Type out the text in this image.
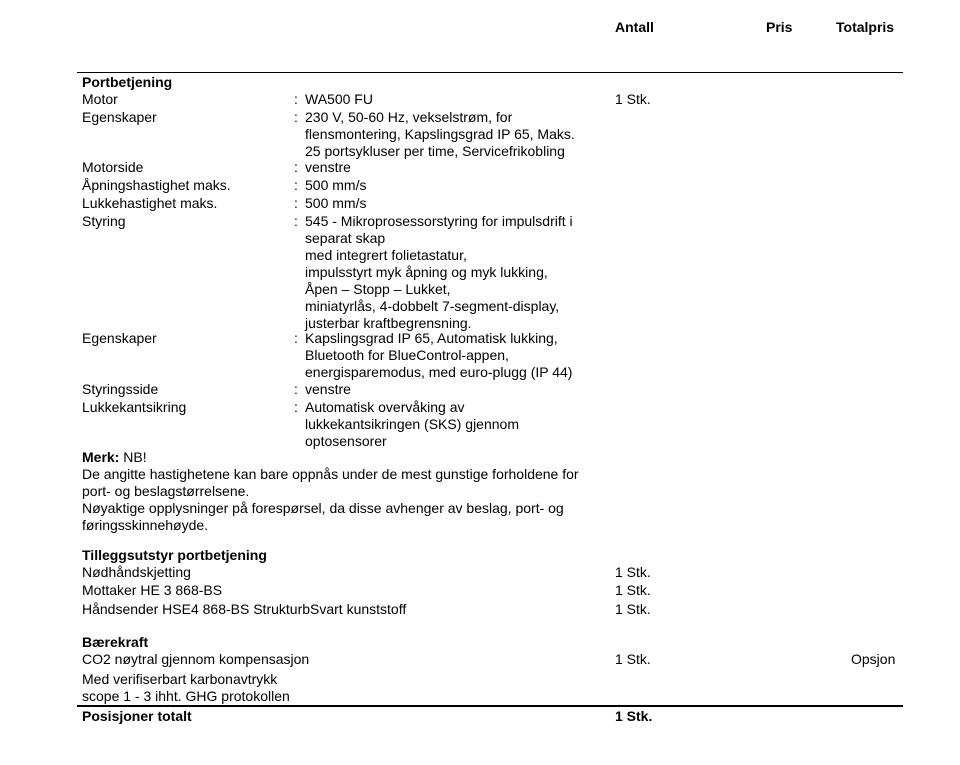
Antall	Pris	Totalpris
Portbetjening
Motor	: WA500 FU	1 Stk.
Egenskaper	: 230 V, 50-60 Hz, vekselstrøm, for
flensmontering, Kapslingsgrad IP 65, Maks.
25 portsykluser per time, Servicefrikobling
Motorside	: venstre
Åpningshastighet maks.	: 500 mm/s
Lukkehastighet maks.	: 500 mm/s
Styring	: 545 - Mikroprosessorstyring for impulsdrift i
separat skap
med integrert folietastatur,
impulsstyrt myk åpning og myk lukking,
Åpen – Stopp – Lukket,
miniatyrlås, 4-dobbelt 7-segment-display,
justerbar kraftbegrensning.
Egenskaper	: Kapslingsgrad IP 65, Automatisk lukking,
Bluetooth for BlueControl-appen,
energisparemodus, med euro-plugg (IP 44)
Styringsside	: venstre
Lukkekantsikring	: Automatisk overvåking av
lukkekantsikringen (SKS) gjennom
optosensorer
Merk: NB!
De angitte hastighetene kan bare oppnås under de mest gunstige forholdene for
port- og beslagstørrelsene.
Nøyaktige opplysninger på forespørsel, da disse avhenger av beslag, port- og
føringsskinnehøyde.
Tilleggsutstyr portbetjening
Nødhåndskjetting	1 Stk.
Mottaker HE 3 868-BS	1 Stk.
Håndsender HSE4 868-BS StrukturbSvart kunststoff	1 Stk.
Bærekraft
CO2 nøytral gjennom kompensasjon	1 Stk.	Opsjon
Med verifiserbart karbonavtrykk
scope 1 - 3 ihht. GHG protokollen
Posisjoner totalt	1 Stk.
